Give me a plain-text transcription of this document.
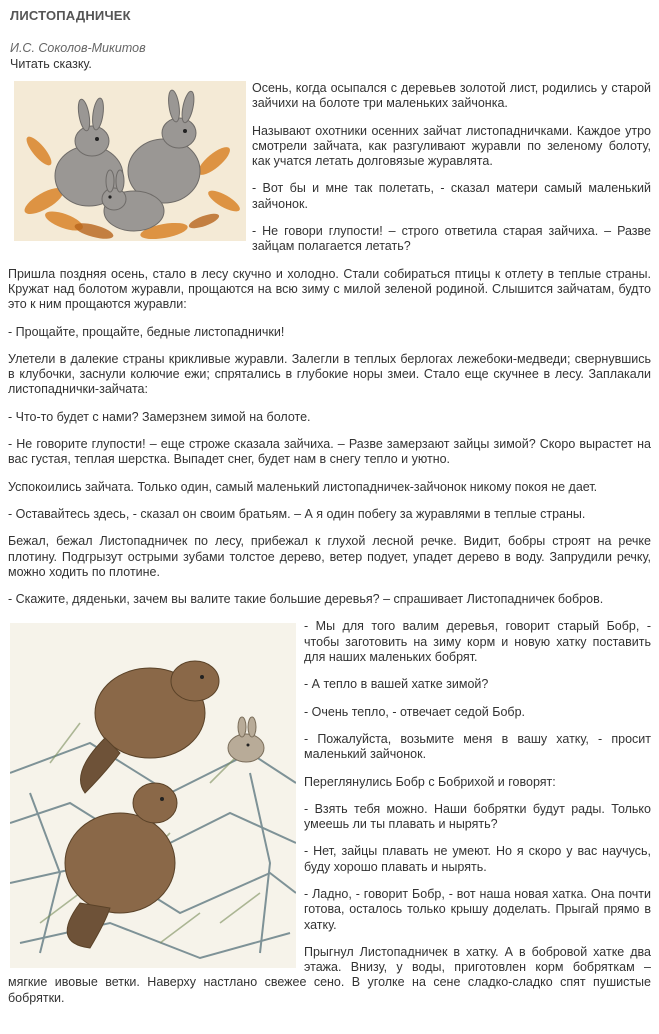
ЛИСТОПАДНИЧЕК
И.С. Соколов-Микитов
Читать сказку.

Осень, когда осыпался с деревьев золотой лист, родились у старой зайчихи на болоте три маленьких зайчонка.

Называют охотники осенних зайчат листопадничками. Каждое утро смотрели зайчата, как разгуливают журавли по зеленому болоту, как учатся летать долговязые журавлята.

- Вот бы и мне так полетать, - сказал матери самый маленький зайчонок.

- Не говори глупости! – строго ответила старая зайчиха. – Разве зайцам полагается летать?

Пришла поздняя осень, стало в лесу скучно и холодно. Стали собираться птицы к отлету в теплые страны. Кружат над болотом журавли, прощаются на всю зиму с милой зеленой родиной. Слышится зайчатам, будто это к ним прощаются журавли:

- Прощайте, прощайте, бедные листопаднички!

Улетели в далекие страны крикливые журавли. Залегли в теплых берлогах лежебоки-медведи; свернувшись в клубочки, заснули колючие ежи; спрятались в глубокие норы змеи. Стало еще скучнее в лесу. Заплакали листопаднички-зайчата:

- Что-то будет с нами? Замерзнем зимой на болоте.

- Не говорите глупости! – еще строже сказала зайчиха. – Разве замерзают зайцы зимой? Скоро вырастет на вас густая, теплая шерстка. Выпадет снег, будет нам в снегу тепло и уютно.

Успокоились зайчата. Только один, самый маленький листопадничек-зайчонок никому покоя не дает.

- Оставайтесь здесь, - сказал он своим братьям. – А я один побегу за журавлями в теплые страны.

Бежал, бежал Листопадничек по лесу, прибежал к глухой лесной речке. Видит, бобры строят на речке плотину. Подгрызут острыми зубами толстое дерево, ветер подует, упадет дерево в воду. Запрудили речку, можно ходить по плотине.

- Скажите, дяденьки, зачем вы валите такие большие деревья? – спрашивает Листопадничек бобров.

- Мы для того валим деревья, говорит старый Бобр, - чтобы заготовить на зиму корм и новую хатку поставить для наших маленьких бобрят.

- А тепло в вашей хатке зимой?

- Очень тепло, - отвечает седой Бобр.

- Пожалуйста, возьмите меня в вашу хатку, - просит маленький зайчонок.

Переглянулись Бобр с Бобрихой и говорят:

- Взять тебя можно. Наши бобрятки будут рады. Только умеешь ли ты плавать и нырять?

- Нет, зайцы плавать не умеют. Но я скоро у вас научусь, буду хорошо плавать и нырять.

- Ладно, - говорит Бобр, - вот наша новая хатка. Она почти готова, осталось только крышу доделать. Прыгай прямо в хатку.

Прыгнул Листопадничек в хатку. А в бобровой хатке два этажа. Внизу, у воды, приготовлен корм бобряткам – мягкие ивовые ветки. Наверху настлано свежее сено. В уголке на сене сладко-сладко спят пушистые бобрятки.
